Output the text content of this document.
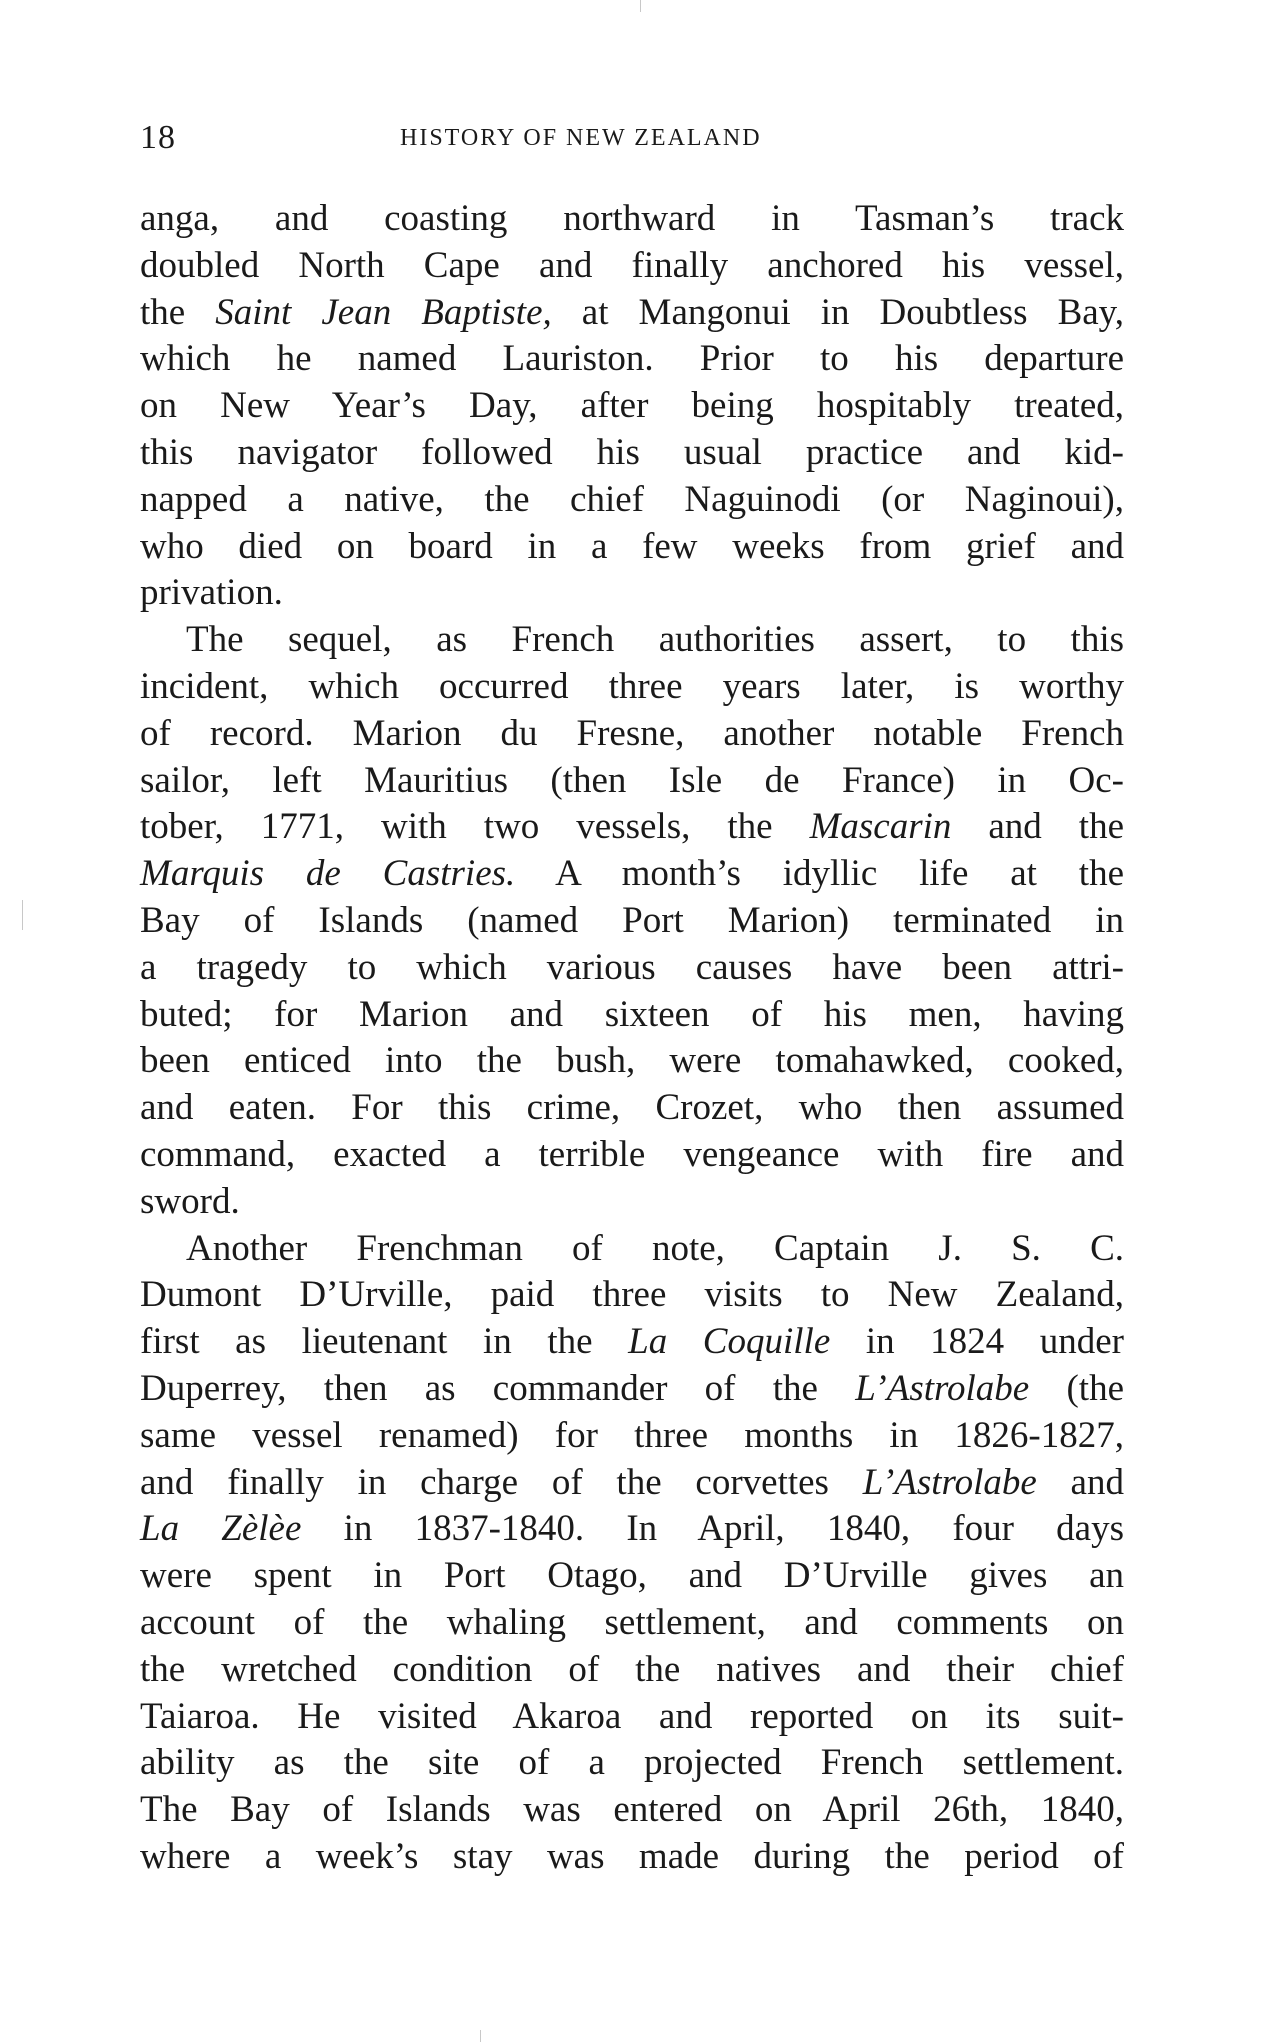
18	HISTORY OF NEW ZEALAND
anga, and coasting northward in Tasman’s track
doubled North Cape and finally anchored his vessel,
the Saint Jean Baptiste, at Mangonui in Doubtless Bay,
which he named Lauriston. Prior to his departure
on New Year’s Day, after being hospitably treated,
this navigator followed his usual practice and kid-
napped a native, the chief Naguinodi (or Naginoui),
who died on board in a few weeks from grief and
privation.
The sequel, as French authorities assert, to this
incident, which occurred three years later, is worthy
of record. Marion du Fresne, another notable French
sailor, left Mauritius (then Isle de France) in Oc-
tober, 1771, with two vessels, the Mascarin and the
Marquis de Castries. A month’s idyllic life at the
Bay of Islands (named Port Marion) terminated in
a tragedy to which various causes have been attri-
buted; for Marion and sixteen of his men, having
been enticed into the bush, were tomahawked, cooked,
and eaten. For this crime, Crozet, who then assumed
command, exacted a terrible vengeance with fire and
sword.
Another Frenchman of note, Captain J. S. C.
Dumont D’Urville, paid three visits to New Zealand,
first as lieutenant in the La Coquille in 1824 under
Duperrey, then as commander of the L’Astrolabe (the
same vessel renamed) for three months in 1826-1827,
and finally in charge of the corvettes L’Astrolabe and
La Zèlèe in 1837-1840. In April, 1840, four days
were spent in Port Otago, and D’Urville gives an
account of the whaling settlement, and comments on
the wretched condition of the natives and their chief
Taiaroa. He visited Akaroa and reported on its suit-
ability as the site of a projected French settlement.
The Bay of Islands was entered on April 26th, 1840,
where a week’s stay was made during the period of
